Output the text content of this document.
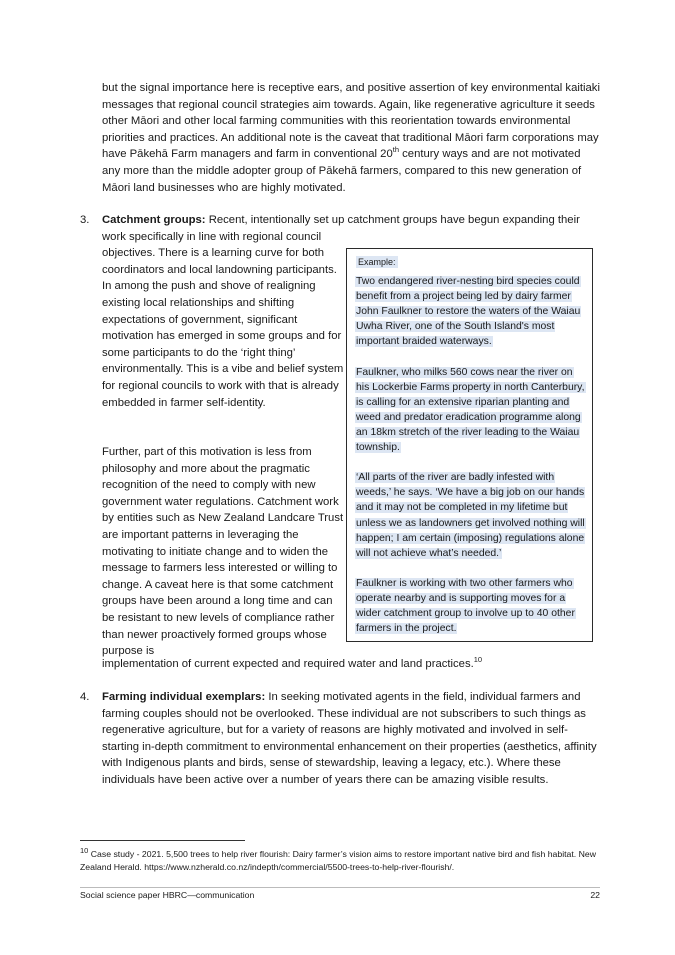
but the signal importance here is receptive ears, and positive assertion of key environmental kaitiaki messages that regional council strategies aim towards. Again, like regenerative agriculture it seeds other Māori and other local farming communities with this reorientation towards environmental priorities and practices. An additional note is the caveat that traditional Māori farm corporations may have Pākehā Farm managers and farm in conventional 20th century ways and are not motivated any more than the middle adopter group of Pākehā farmers, compared to this new generation of Māori land businesses who are highly motivated.

3. Catchment groups: Recent, intentionally set up catchment groups have begun expanding their
work specifically in line with regional council objectives. There is a learning curve for both coordinators and local landowning participants. In among the push and shove of realigning existing local relationships and shifting expectations of government, significant motivation has emerged in some groups and for some participants to do the ‘right thing’ environmentally. This is a vibe and belief system for regional councils to work with that is already embedded in farmer self-identity.
Further, part of this motivation is less from philosophy and more about the pragmatic recognition of the need to comply with new government water regulations. Catchment work by entities such as New Zealand Landcare Trust are important patterns in leveraging the motivating to initiate change and to widen the message to farmers less interested or willing to change. A caveat here is that some catchment groups have been around a long time and can be resistant to new levels of compliance rather than newer proactively formed groups whose purpose is
implementation of current expected and required water and land practices.$^{10}$
Example:

Two endangered river-nesting bird species could benefit from a project being led by dairy farmer John Faulkner to restore the waters of the Waiau Uwha River, one of the South Island's most important braided waterways.

Faulkner, who milks 560 cows near the river on his Lockerbie Farms property in north Canterbury, is calling for an extensive riparian planting and weed and predator eradication programme along an 18km stretch of the river leading to the Waiau township.

‘All parts of the river are badly infested with weeds,’ he says. ‘We have a big job on our hands and it may not be completed in my lifetime but unless we as landowners get involved nothing will happen; I am certain (imposing) regulations alone will not achieve what’s needed.’

Faulkner is working with two other farmers who operate nearby and is supporting moves for a wider catchment group to involve up to 40 other farmers in the project.

4. Farming individual exemplars: In seeking motivated agents in the field, individual farmers and farming couples should not be overlooked. These individual are not subscribers to such things as regenerative agriculture, but for a variety of reasons are highly motivated and involved in self-starting in-depth commitment to environmental enhancement on their properties (aesthetics, affinity with Indigenous plants and birds, sense of stewardship, leaving a legacy, etc.). Where these individuals have been active over a number of years there can be amazing visible results.
$^{10}$ Case study - 2021. 5,500 trees to help river flourish: Dairy farmer’s vision aims to restore important native bird and fish habitat. New Zealand Herald. https://www.nzherald.co.nz/indepth/commercial/5500-trees-to-help-river-flourish/.
Social science paper HBRC—communication	22
